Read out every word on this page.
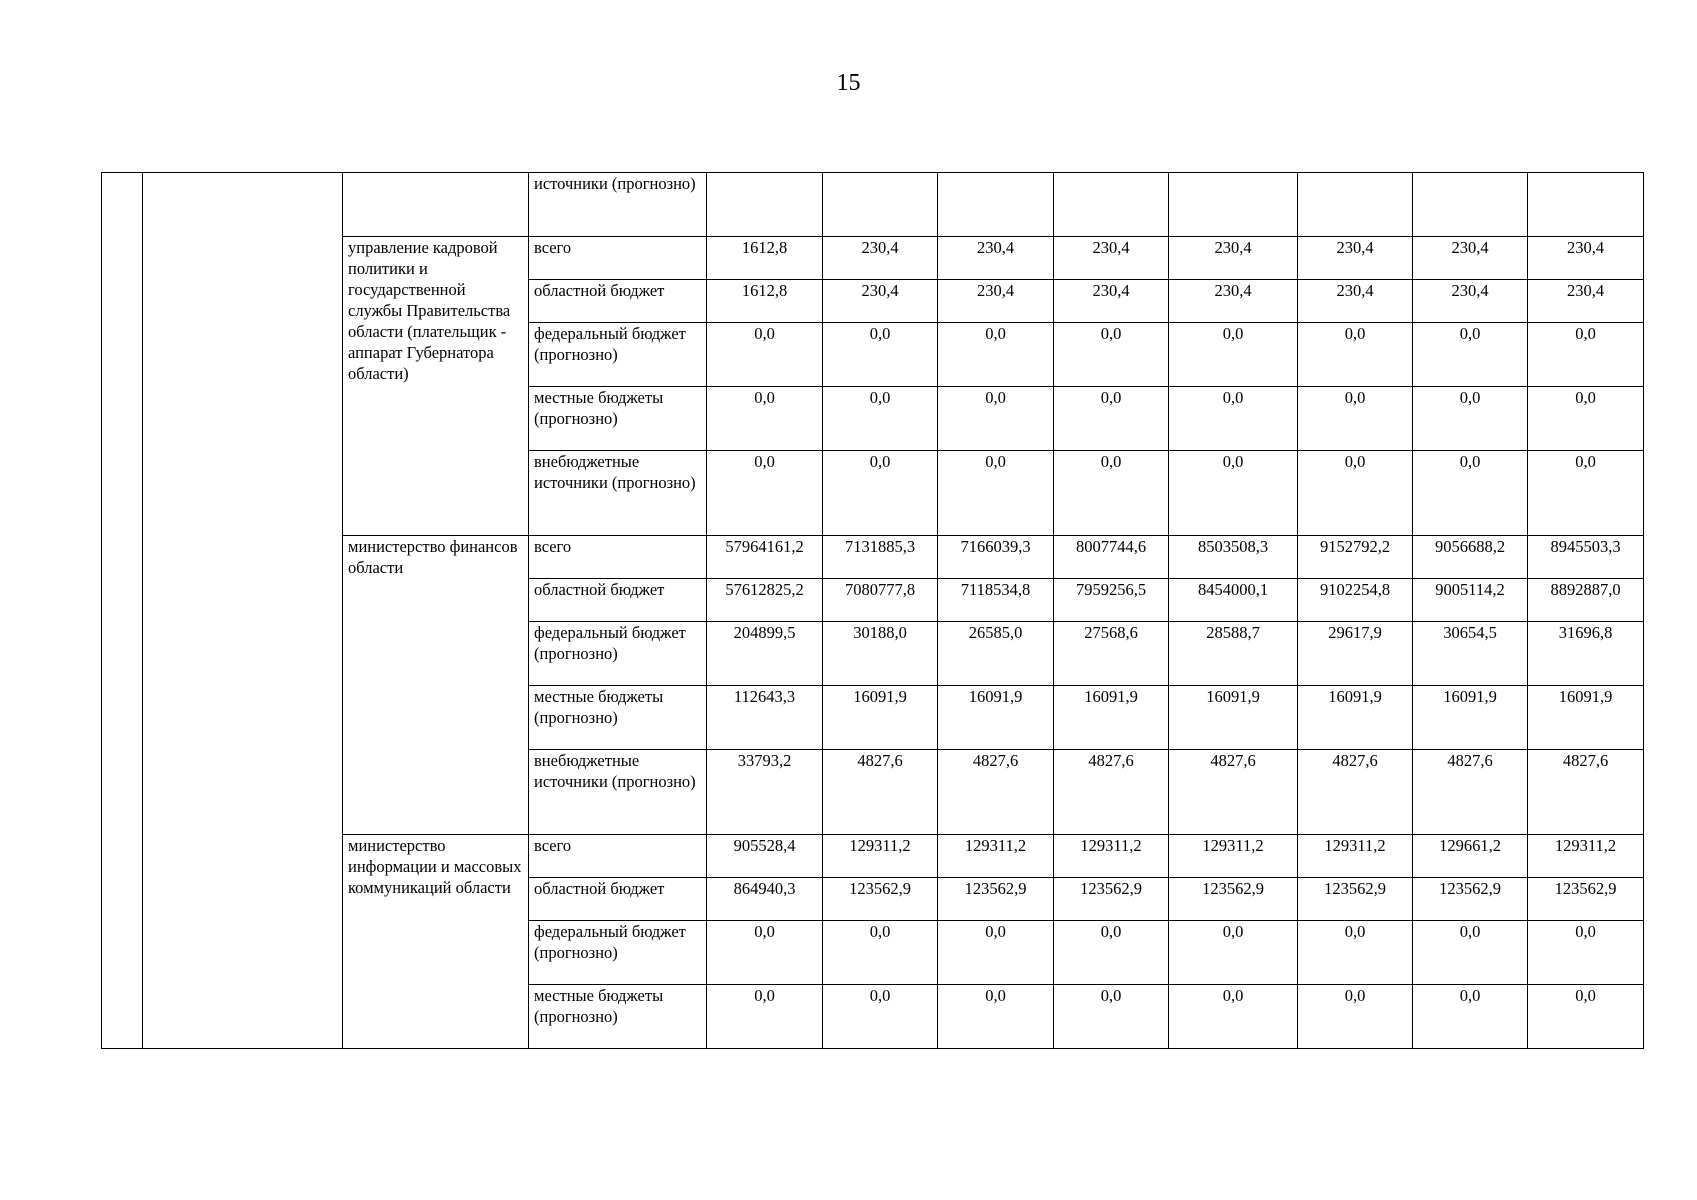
15
			источники (прогнозно)								
		управление кадровой политики и государственной службы Правительства области (плательщик - аппарат Губернатора области)	всего	1612,8	230,4	230,4	230,4	230,4	230,4	230,4	230,4
			областной бюджет	1612,8	230,4	230,4	230,4	230,4	230,4	230,4	230,4
			федеральный бюджет (прогнозно)	0,0	0,0	0,0	0,0	0,0	0,0	0,0	0,0
			местные бюджеты (прогнозно)	0,0	0,0	0,0	0,0	0,0	0,0	0,0	0,0
			внебюджетные источники (прогнозно)	0,0	0,0	0,0	0,0	0,0	0,0	0,0	0,0
		министерство финансов области	всего	57964161,2	7131885,3	7166039,3	8007744,6	8503508,3	9152792,2	9056688,2	8945503,3
			областной бюджет	57612825,2	7080777,8	7118534,8	7959256,5	8454000,1	9102254,8	9005114,2	8892887,0
			федеральный бюджет (прогнозно)	204899,5	30188,0	26585,0	27568,6	28588,7	29617,9	30654,5	31696,8
			местные бюджеты (прогнозно)	112643,3	16091,9	16091,9	16091,9	16091,9	16091,9	16091,9	16091,9
			внебюджетные источники (прогнозно)	33793,2	4827,6	4827,6	4827,6	4827,6	4827,6	4827,6	4827,6
		министерство информации и массовых коммуникаций области	всего	905528,4	129311,2	129311,2	129311,2	129311,2	129311,2	129661,2	129311,2
			областной бюджет	864940,3	123562,9	123562,9	123562,9	123562,9	123562,9	123562,9	123562,9
			федеральный бюджет (прогнозно)	0,0	0,0	0,0	0,0	0,0	0,0	0,0	0,0
			местные бюджеты (прогнозно)	0,0	0,0	0,0	0,0	0,0	0,0	0,0	0,0
